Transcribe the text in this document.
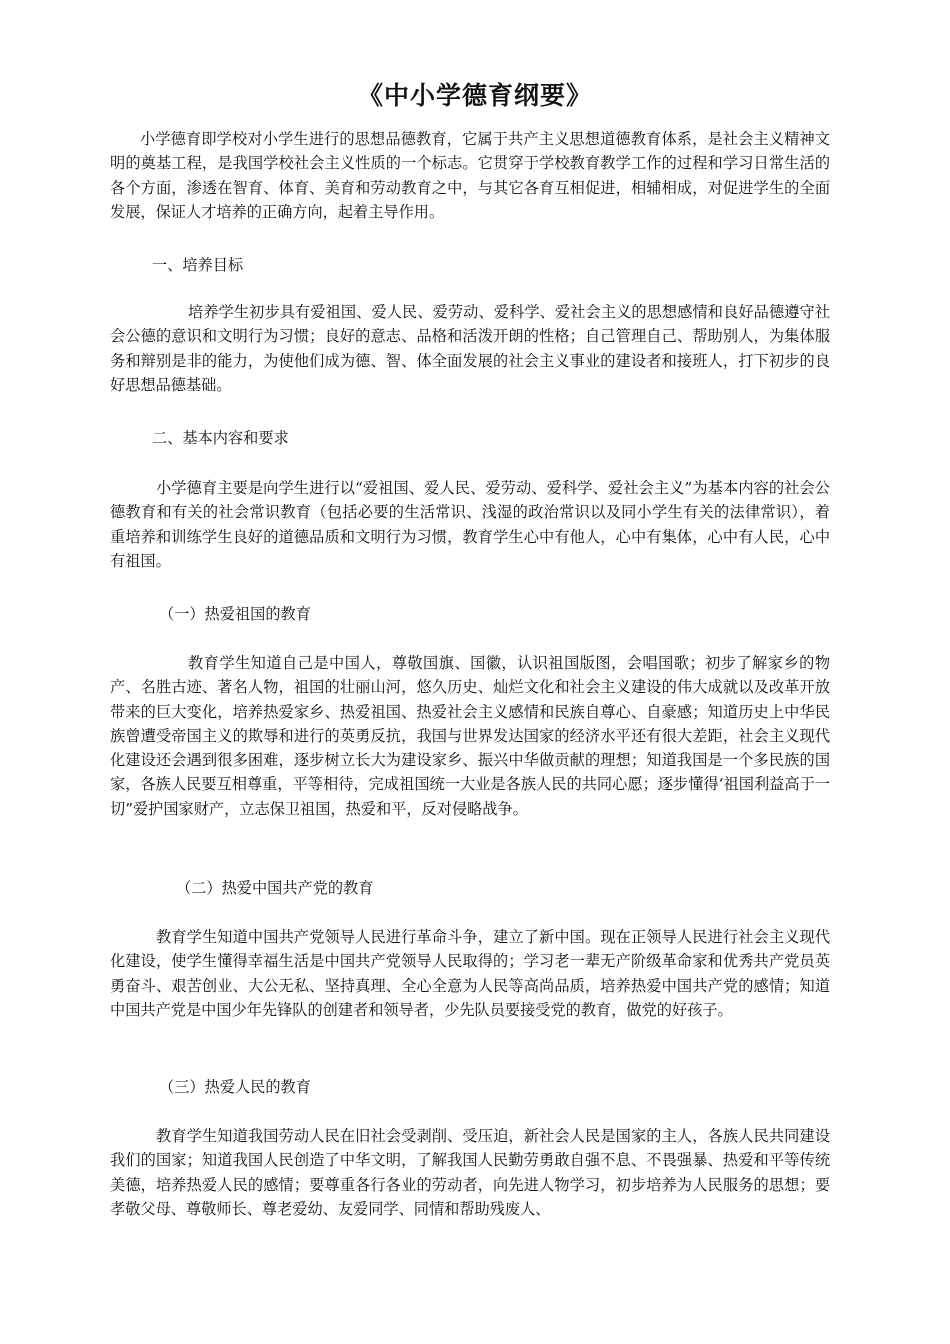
《中小学德育纲要》

小学德育即学校对小学生进行的思想品德教育，它属于共产主义思想道德教育体系，是社会主义精神文明的奠基工程，是我国学校社会主义性质的一个标志。它贯穿于学校教育教学工作的过程和学习日常生活的各个方面，渗透在智育、体育、美育和劳动教育之中，与其它各育互相促进，相辅相成，对促进学生的全面发展，保证人才培养的正确方向，起着主导作用。

一、培养目标

培养学生初步具有爱祖国、爱人民、爱劳动、爱科学、爱社会主义的思想感情和良好品德遵守社会公德的意识和文明行为习惯；良好的意志、品格和活泼开朗的性格；自己管理自己、帮助别人，为集体服务和辩别是非的能力，为使他们成为德、智、体全面发展的社会主义事业的建设者和接班人，打下初步的良好思想品德基础。

二、基本内容和要求

小学德育主要是向学生进行以“爱祖国、爱人民、爱劳动、爱科学、爱社会主义”为基本内容的社会公德教育和有关的社会常识教育（包括必要的生活常识、浅湿的政治常识以及同小学生有关的法律常识），着重培养和训练学生良好的道德品质和文明行为习惯，教育学生心中有他人，心中有集体，心中有人民，心中有祖国。

（一）热爱祖国的教育

教育学生知道自己是中国人，尊敬国旗、国徽，认识祖国版图，会唱国歌；初步了解家乡的物产、名胜古迹、著名人物，祖国的壮丽山河，悠久历史、灿烂文化和社会主义建设的伟大成就以及改革开放带来的巨大变化，培养热爱家乡、热爱祖国、热爱社会主义感情和民族自尊心、自豪感；知道历史上中华民族曾遭受帝国主义的欺辱和进行的英勇反抗，我国与世界发达国家的经济水平还有很大差距，社会主义现代化建设还会遇到很多困难，逐步树立长大为建设家乡、振兴中华做贡献的理想；知道我国是一个多民族的国家，各族人民要互相尊重，平等相待，完成祖国统一大业是各族人民的共同心愿；逐步懂得‘祖国利益高于一切”爱护国家财产，立志保卫祖国，热爱和平，反对侵略战争。

（二）热爱中国共产党的教育

教育学生知道中国共产党领导人民进行革命斗争，建立了新中国。现在正领导人民进行社会主义现代化建设，使学生懂得幸福生活是中国共产党领导人民取得的；学习老一辈无产阶级革命家和优秀共产党员英勇奋斗、艰苦创业、大公无私、坚持真理、全心全意为人民等高尚品质，培养热爱中国共产党的感情；知道中国共产党是中国少年先锋队的创建者和领导者，少先队员要接受党的教育，做党的好孩子。

（三）热爱人民的教育

教育学生知道我国劳动人民在旧社会受剥削、受压迫，新社会人民是国家的主人，各族人民共同建设我们的国家；知道我国人民创造了中华文明，了解我国人民勤劳勇敢自强不息、不畏强暴、热爱和平等传统美德，培养热爱人民的感情；要尊重各行各业的劳动者，向先进人物学习，初步培养为人民服务的思想；要孝敬父母、尊敬师长、尊老爱幼、友爱同学、同情和帮助残废人、
